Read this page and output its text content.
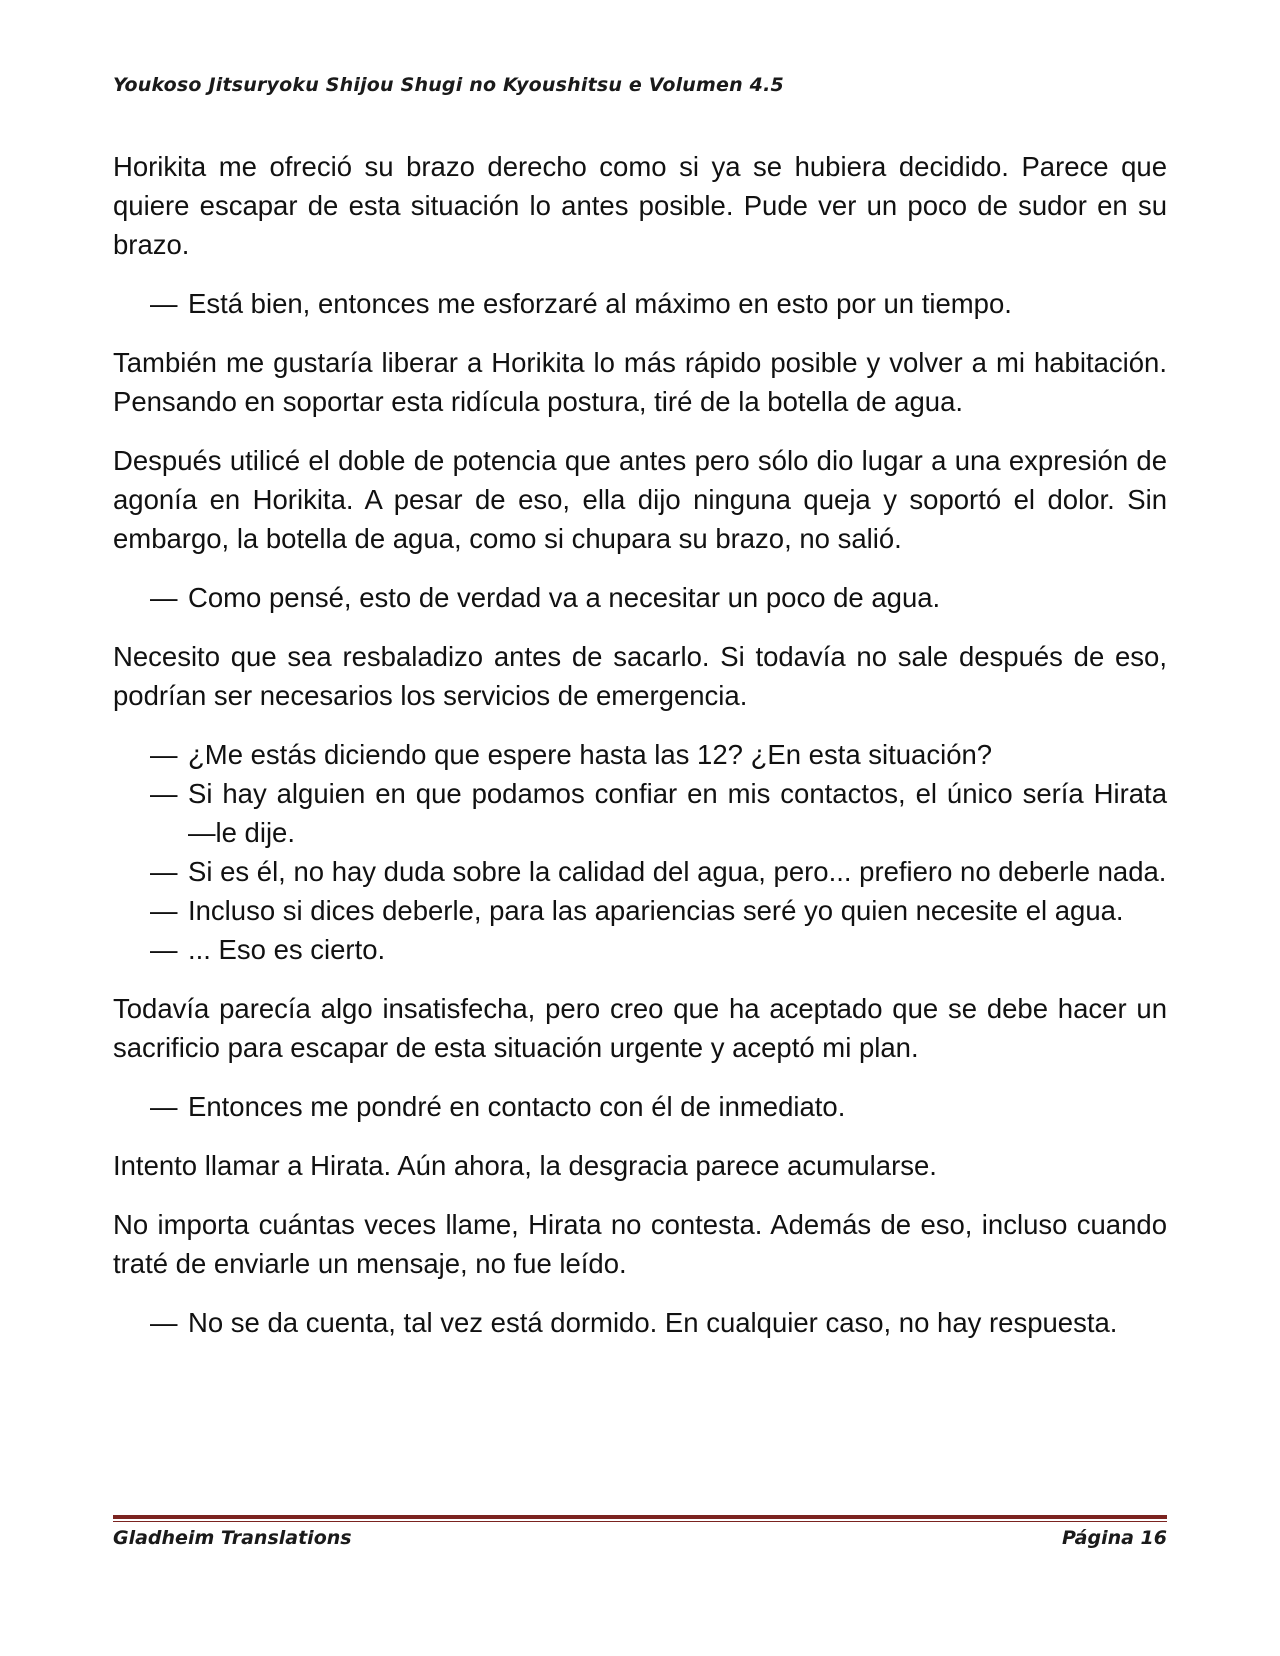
Youkoso Jitsuryoku Shijou Shugi no Kyoushitsu e Volumen 4.5

Horikita me ofreció su brazo derecho como si ya se hubiera decidido. Parece que quiere escapar de esta situación lo antes posible. Pude ver un poco de sudor en su brazo.

— Está bien, entonces me esforzaré al máximo en esto por un tiempo.

También me gustaría liberar a Horikita lo más rápido posible y volver a mi habitación. Pensando en soportar esta ridícula postura, tiré de la botella de agua.

Después utilicé el doble de potencia que antes pero sólo dio lugar a una expresión de agonía en Horikita. A pesar de eso, ella dijo ninguna queja y soportó el dolor. Sin embargo, la botella de agua, como si chupara su brazo, no salió.

— Como pensé, esto de verdad va a necesitar un poco de agua.

Necesito que sea resbaladizo antes de sacarlo. Si todavía no sale después de eso, podrían ser necesarios los servicios de emergencia.

— ¿Me estás diciendo que espere hasta las 12? ¿En esta situación?

— Si hay alguien en que podamos confiar en mis contactos, el único sería Hirata —le dije.

— Si es él, no hay duda sobre la calidad del agua, pero... prefiero no deberle nada.

— Incluso si dices deberle, para las apariencias seré yo quien necesite el agua.

— ... Eso es cierto.

Todavía parecía algo insatisfecha, pero creo que ha aceptado que se debe hacer un sacrificio para escapar de esta situación urgente y aceptó mi plan.

— Entonces me pondré en contacto con él de inmediato.

Intento llamar a Hirata. Aún ahora, la desgracia parece acumularse.

No importa cuántas veces llame, Hirata no contesta. Además de eso, incluso cuando traté de enviarle un mensaje, no fue leído.

— No se da cuenta, tal vez está dormido. En cualquier caso, no hay respuesta.

Gladheim Translations	Página 16
